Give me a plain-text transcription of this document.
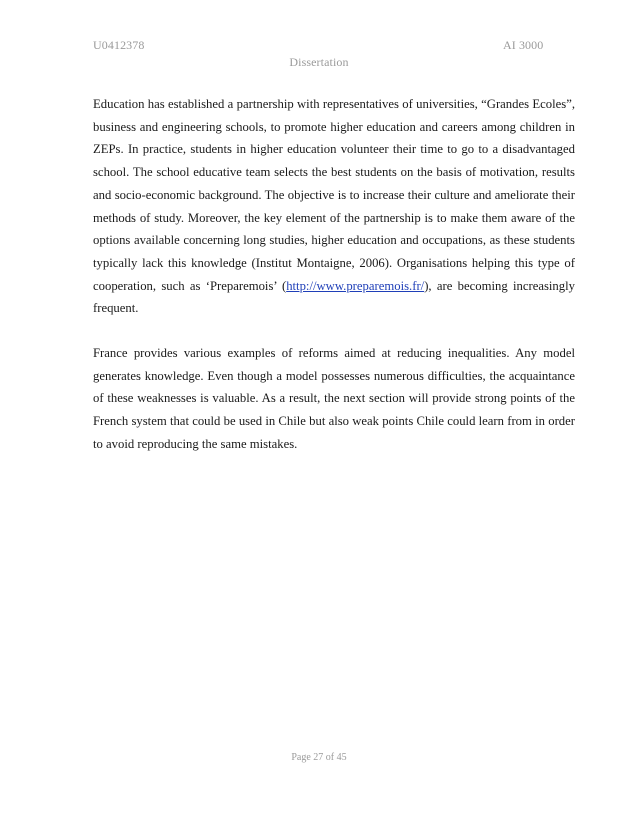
U0412378	AI 3000
Dissertation

Education has established a partnership with representatives of universities, “Grandes Ecoles”, business and engineering schools, to promote higher education and careers among children in ZEPs. In practice, students in higher education volunteer their time to go to a disadvantaged school. The school educative team selects the best students on the basis of motivation, results and socio-economic background. The objective is to increase their culture and ameliorate their methods of study. Moreover, the key element of the partnership is to make them aware of the options available concerning long studies, higher education and occupations, as these students typically lack this knowledge (Institut Montaigne, 2006). Organisations helping this type of cooperation, such as ‘Preparemois’ (http://www.preparemois.fr/), are becoming increasingly frequent.

France provides various examples of reforms aimed at reducing inequalities. Any model generates knowledge. Even though a model possesses numerous difficulties, the acquaintance of these weaknesses is valuable. As a result, the next section will provide strong points of the French system that could be used in Chile but also weak points Chile could learn from in order to avoid reproducing the same mistakes.

Page 27 of 45
